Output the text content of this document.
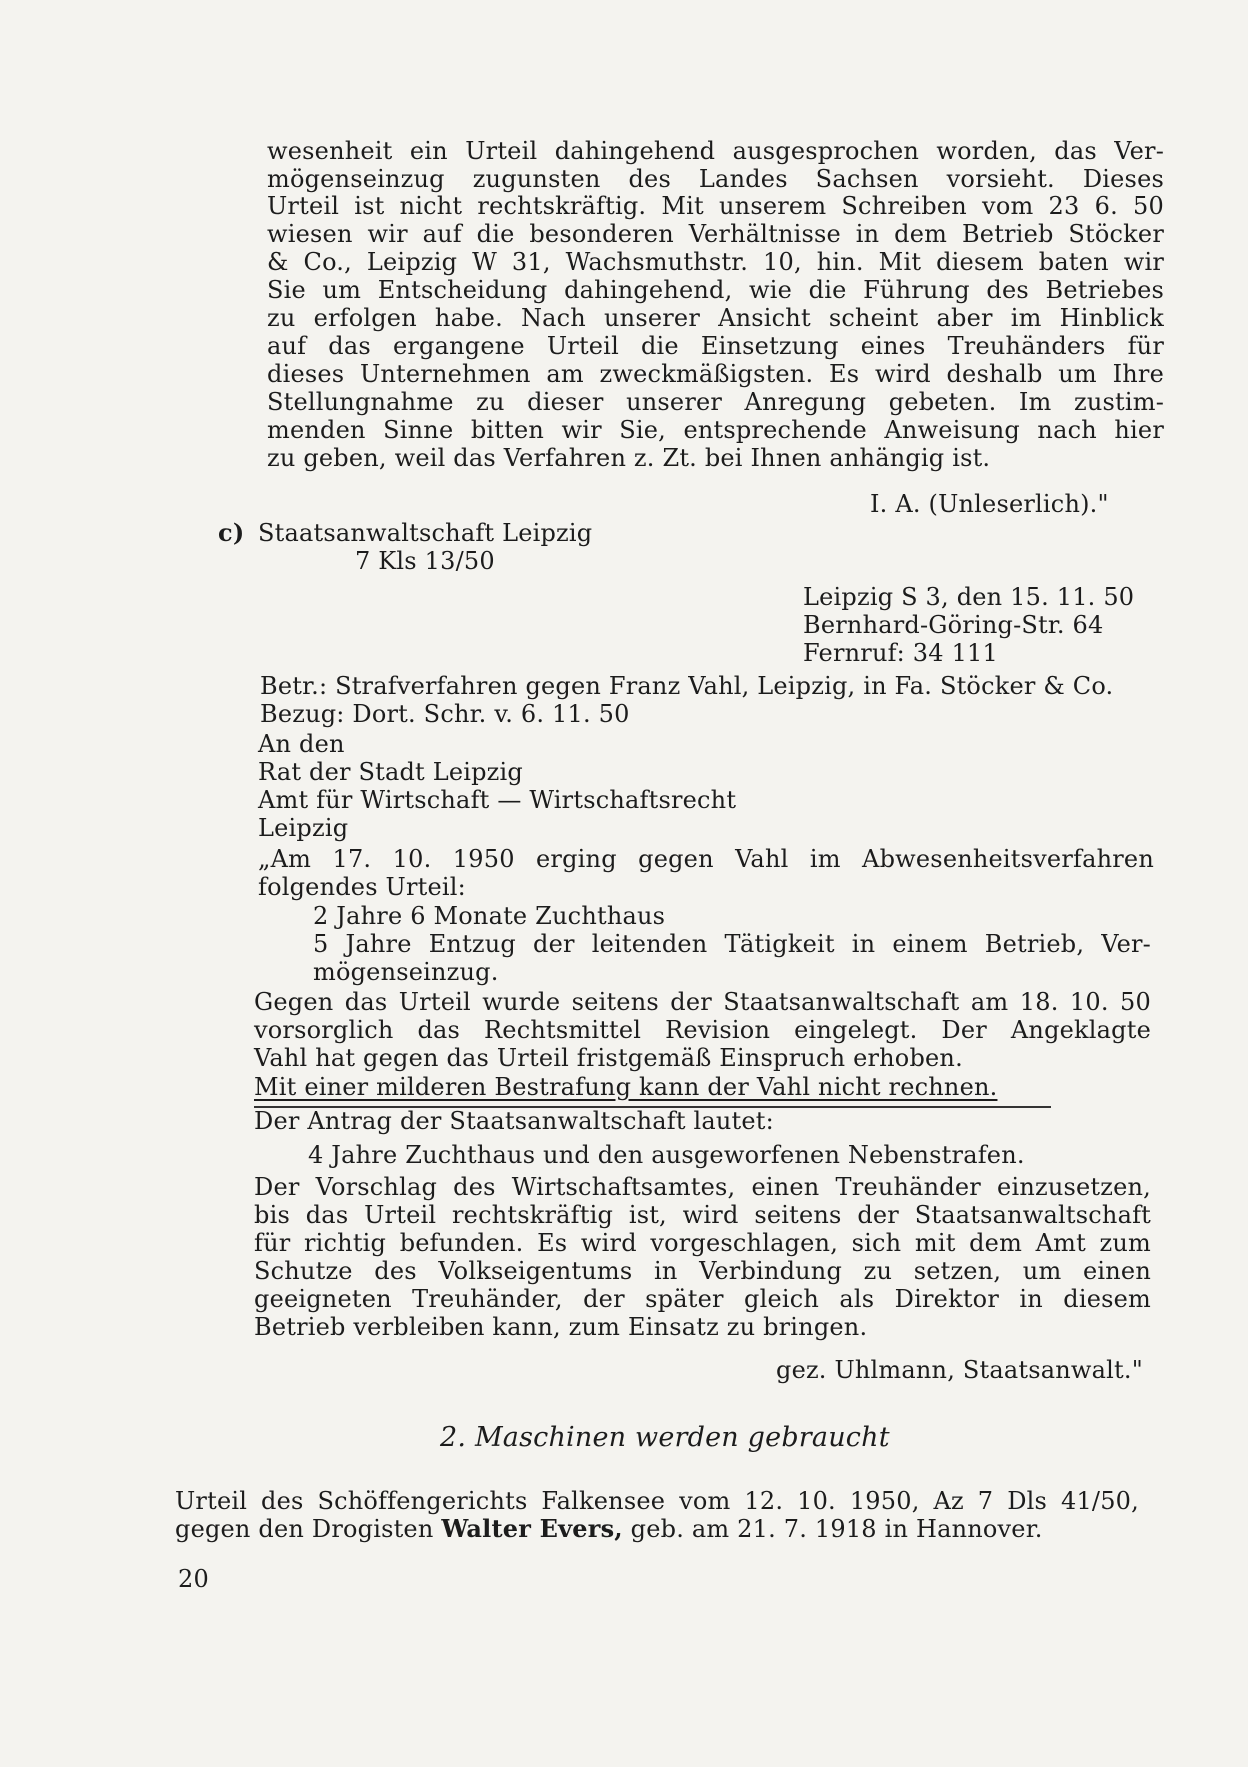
wesenheit ein Urteil dahingehend ausgesprochen worden, das Ver-
mögenseinzug zugunsten des Landes Sachsen vorsieht. Dieses
Urteil ist nicht rechtskräftig. Mit unserem Schreiben vom 23 6. 50
wiesen wir auf die besonderen Verhältnisse in dem Betrieb Stöcker
& Co., Leipzig W 31, Wachsmuthstr. 10, hin. Mit diesem baten wir
Sie um Entscheidung dahingehend, wie die Führung des Betriebes
zu erfolgen habe. Nach unserer Ansicht scheint aber im Hinblick
auf das ergangene Urteil die Einsetzung eines Treuhänders für
dieses Unternehmen am zweckmäßigsten. Es wird deshalb um Ihre
Stellungnahme zu dieser unserer Anregung gebeten. Im zustim-
menden Sinne bitten wir Sie, entsprechende Anweisung nach hier
zu geben, weil das Verfahren z. Zt. bei Ihnen anhängig ist.
I. A. (Unleserlich)."
c) Staatsanwaltschaft Leipzig
7 Kls 13/50
Leipzig S 3, den 15. 11. 50
Bernhard-Göring-Str. 64
Fernruf: 34 111
Betr.: Strafverfahren gegen Franz Vahl, Leipzig, in Fa. Stöcker & Co.
Bezug: Dort. Schr. v. 6. 11. 50
An den
Rat der Stadt Leipzig
Amt für Wirtschaft — Wirtschaftsrecht
Leipzig
„Am 17. 10. 1950 erging gegen Vahl im Abwesenheitsverfahren
folgendes Urteil:
2 Jahre 6 Monate Zuchthaus
5 Jahre Entzug der leitenden Tätigkeit in einem Betrieb, Ver-
mögenseinzug.
Gegen das Urteil wurde seitens der Staatsanwaltschaft am 18. 10. 50
vorsorglich das Rechtsmittel Revision eingelegt. Der Angeklagte
Vahl hat gegen das Urteil fristgemäß Einspruch erhoben.
Mit einer milderen Bestrafung kann der Vahl nicht rechnen.
Der Antrag der Staatsanwaltschaft lautet:
4 Jahre Zuchthaus und den ausgeworfenen Nebenstrafen.
Der Vorschlag des Wirtschaftsamtes, einen Treuhänder einzusetzen,
bis das Urteil rechtskräftig ist, wird seitens der Staatsanwaltschaft
für richtig befunden. Es wird vorgeschlagen, sich mit dem Amt zum
Schutze des Volkseigentums in Verbindung zu setzen, um einen
geeigneten Treuhänder, der später gleich als Direktor in diesem
Betrieb verbleiben kann, zum Einsatz zu bringen.
gez. Uhlmann, Staatsanwalt."
2. Maschinen werden gebraucht
Urteil des Schöffengerichts Falkensee vom 12. 10. 1950, Az 7 Dls 41/50,
gegen den Drogisten Walter Evers, geb. am 21. 7. 1918 in Hannover.
20
